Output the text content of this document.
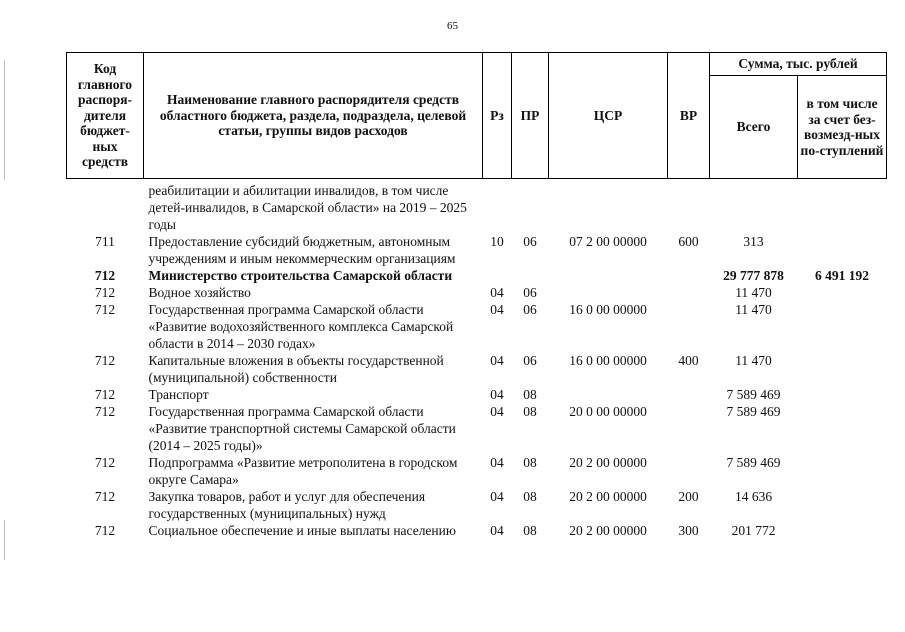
65
Код главного распоря-дителя бюджет-ных средств	Наименование главного распорядителя средств областного бюджета, раздела, подраздела, целевой статьи, группы видов расходов	Рз	ПР	ЦСР	ВР	Сумма, тыс. рублей	
						Всего	в том числе за счет без-возмезд-ных по-ступлений
	реабилитации и абилитации инвалидов, в том числе детей-инвалидов, в Самарской области» на 2019 – 2025 годы						
711	Предоставление субсидий бюджетным, автономным учреждениям и иным некоммерческим организациям	10	06	07 2 00 00000	600	313	
712	Министерство строительства Самарской области					29 777 878	6 491 192
712	Водное хозяйство	04	06			11 470	
712	Государственная программа Самарской области «Развитие водохозяйственного комплекса Самарской области в 2014 – 2030 годах»	04	06	16 0 00 00000		11 470	
712	Капитальные вложения в объекты государственной (муниципальной) собственности	04	06	16 0 00 00000	400	11 470	
712	Транспорт	04	08			7 589 469	
712	Государственная программа Самарской области «Развитие транспортной системы Самарской области (2014 – 2025 годы)»	04	08	20 0 00 00000		7 589 469	
712	Подпрограмма «Развитие метрополитена в городском округе Самара»	04	08	20 2 00 00000		7 589 469	
712	Закупка товаров, работ и услуг для обеспечения государственных (муниципальных) нужд	04	08	20 2 00 00000	200	14 636	
712	Социальное обеспечение и иные выплаты населению	04	08	20 2 00 00000	300	201 772	
